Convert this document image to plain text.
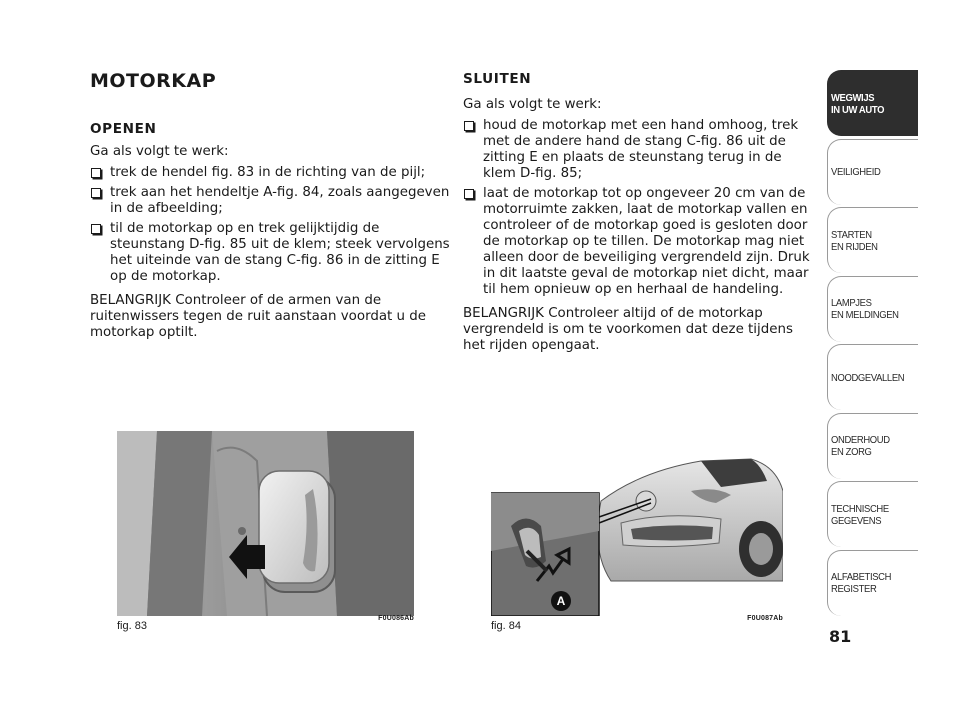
MOTORKAP
OPENEN

Ga als volgt te werk:

trek de hendel fig. 83 in de richting van de pijl;
trek aan het hendeltje A-fig. 84, zoals aangegeven in de afbeelding;
til de motorkap op en trek gelijktijdig de steunstang D-fig. 85 uit de klem; steek vervolgens het uiteinde van de stang C-fig. 86 in de zitting E op de motorkap.

BELANGRIJK Controleer of de armen van de ruitenwissers tegen de ruit aanstaan voordat u de motorkap optilt.

SLUITEN

Ga als volgt te werk:

houd de motorkap met een hand omhoog, trek met de andere hand de stang C-fig. 86 uit de zitting E en plaats de steunstang terug in de klem D-fig. 85;
laat de motorkap tot op ongeveer 20 cm van de motorruimte zakken, laat de motorkap vallen en controleer of de motorkap goed is gesloten door de motorkap op te tillen. De motorkap mag niet alleen door de beveiliging vergrendeld zijn. Druk in dit laatste geval de motorkap niet dicht, maar til hem opnieuw op en herhaal de handeling.

BELANGRIJK Controleer altijd of de motorkap vergrendeld is om te voorkomen dat deze tijdens het rijden opengaat.

A
fig. 83
F0U086Ab
fig. 84
F0U087Ab
WEGWIJS
IN UW AUTO
VEILIGHEID
STARTEN
EN RIJDEN
LAMPJES
EN MELDINGEN
NOODGEVALLEN
ONDERHOUD
EN ZORG
TECHNISCHE
GEGEVENS
ALFABETISCH
REGISTER
81
